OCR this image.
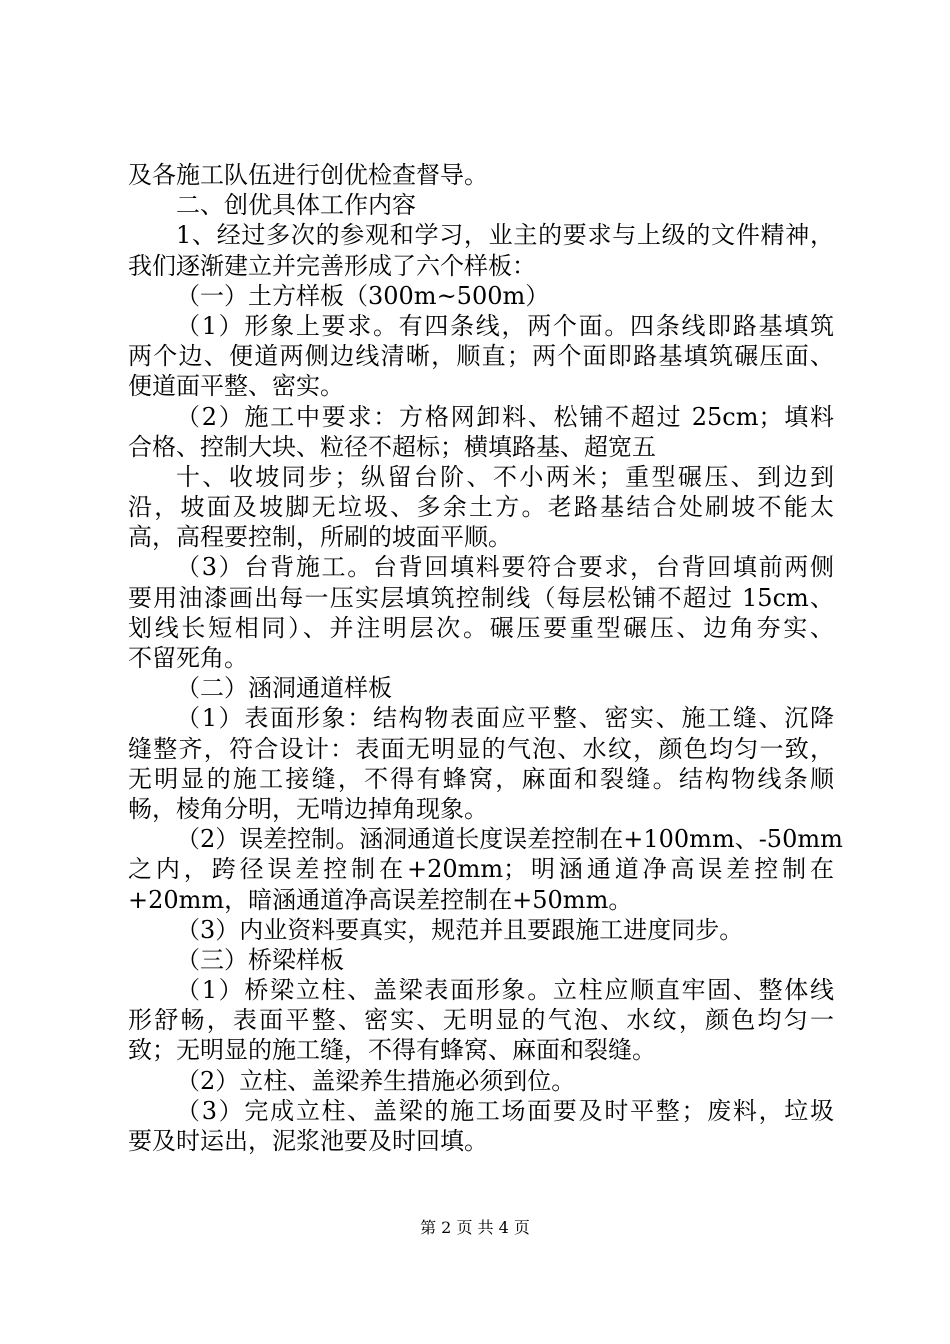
及各施工队伍进行创优检查督导。
二、创优具体工作内容
1、经过多次的参观和学习，业主的要求与上级的文件精神，
我们逐渐建立并完善形成了六个样板：
（一）土方样板（300m~500m）
（1）形象上要求。有四条线，两个面。四条线即路基填筑
两个边、便道两侧边线清晰，顺直；两个面即路基填筑碾压面、
便道面平整、密实。
（2）施工中要求：方格网卸料、松铺不超过 25cm；填料
合格、控制大块、粒径不超标；横填路基、超宽五
十、收坡同步；纵留台阶、不小两米；重型碾压、到边到
沿，坡面及坡脚无垃圾、多余土方。老路基结合处刷坡不能太
高，高程要控制，所刷的坡面平顺。
（3）台背施工。台背回填料要符合要求，台背回填前两侧
要用油漆画出每一压实层填筑控制线（每层松铺不超过 15cm、
划线长短相同）、并注明层次。碾压要重型碾压、边角夯实、
不留死角。
（二）涵洞通道样板
（1）表面形象：结构物表面应平整、密实、施工缝、沉降
缝整齐，符合设计：表面无明显的气泡、水纹，颜色均匀一致，
无明显的施工接缝，不得有蜂窝，麻面和裂缝。结构物线条顺
畅，棱角分明，无啃边掉角现象。
（2）误差控制。涵洞通道长度误差控制在+100mm、-50mm
之内，跨径误差控制在+20mm；明涵通道净高误差控制在
+20mm，暗涵通道净高误差控制在+50mm。
（3）内业资料要真实，规范并且要跟施工进度同步。
（三）桥梁样板
（1）桥梁立柱、盖梁表面形象。立柱应顺直牢固、整体线
形舒畅，表面平整、密实、无明显的气泡、水纹，颜色均匀一
致；无明显的施工缝，不得有蜂窝、麻面和裂缝。
（2）立柱、盖梁养生措施必须到位。
（3）完成立柱、盖梁的施工场面要及时平整；废料，垃圾
要及时运出，泥浆池要及时回填。
第 2 页 共 4 页
